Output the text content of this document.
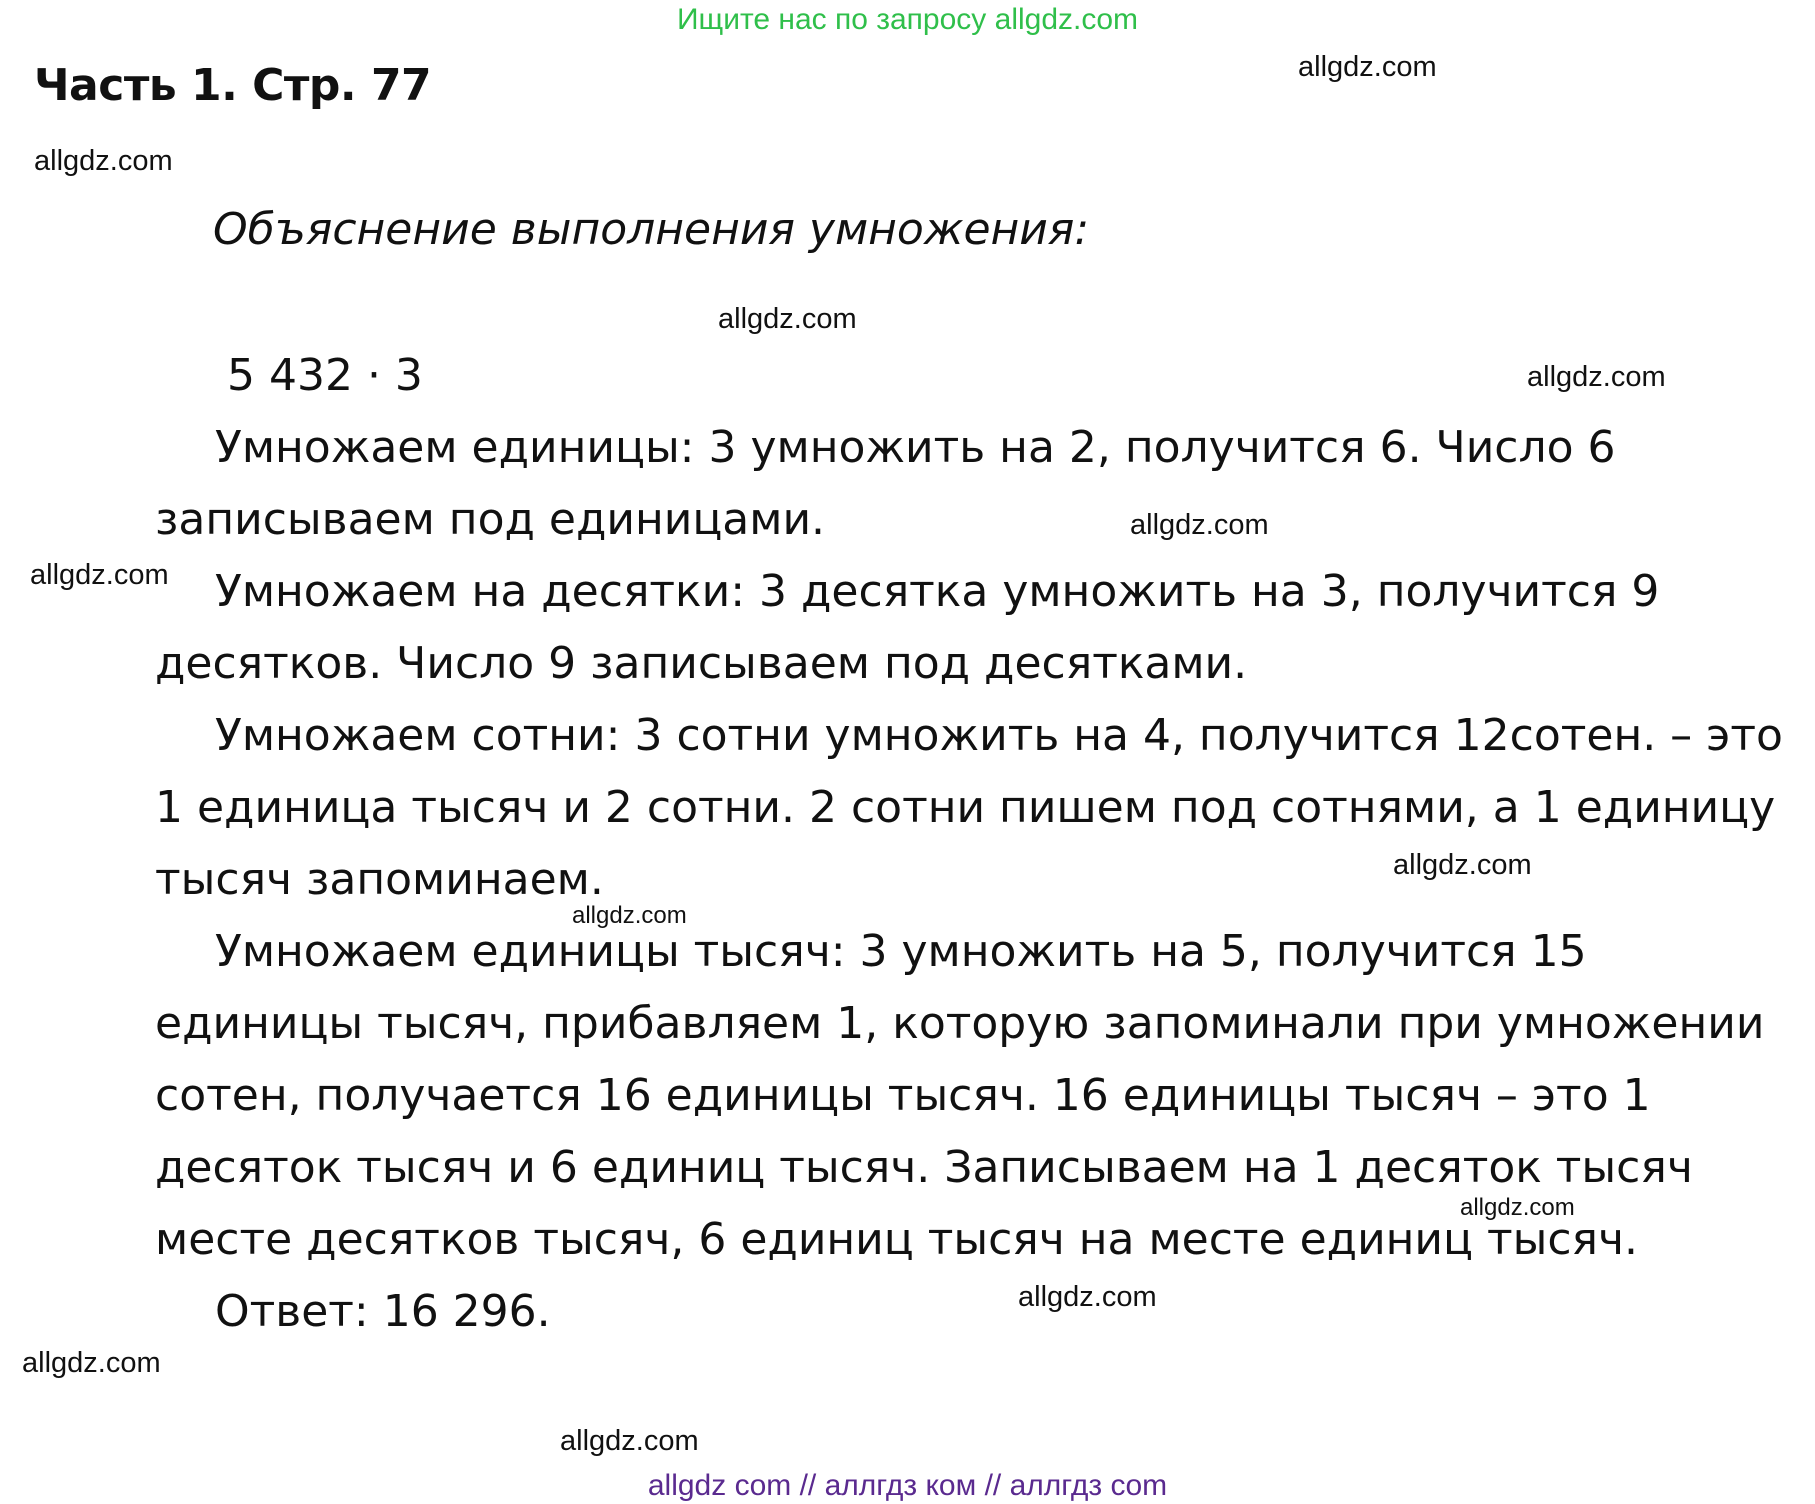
Ищите нас по запросу allgdz.com
Часть 1. Стр. 77
Объяснение выполнения умножения:
5 432 · 3

Умножаем единицы: 3 умножить на 2, получится 6. Число 6 записываем под единицами.

Умножаем на десятки: 3 десятка умножить на 3, получится 9 десятков. Число 9 записываем под десятками.

Умножаем сотни: 3 сотни умножить на 4, получится 12сотен. – это 1 единица тысяч и 2 сотни. 2 сотни пишем под сотнями, а 1 единицу тысяч запоминаем.

Умножаем единицы тысяч: 3 умножить на 5, получится 15 единицы тысяч, прибавляем 1, которую запоминали при умножении сотен, получается 16 единицы тысяч. 16 единицы тысяч – это 1 десяток тысяч и 6 единиц тысяч. Записываем на 1 десяток тысяч месте десятков тысяч, 6 единиц тысяч на месте единиц тысяч.

Ответ: 16 296.

allgdz.com
allgdz.com
allgdz.com
allgdz.com
allgdz.com
allgdz.com
allgdz.com
allgdz.com
allgdz.com
allgdz.com
allgdz.com
allgdz.com
allgdz com // аллгдз ком // аллгдз com
